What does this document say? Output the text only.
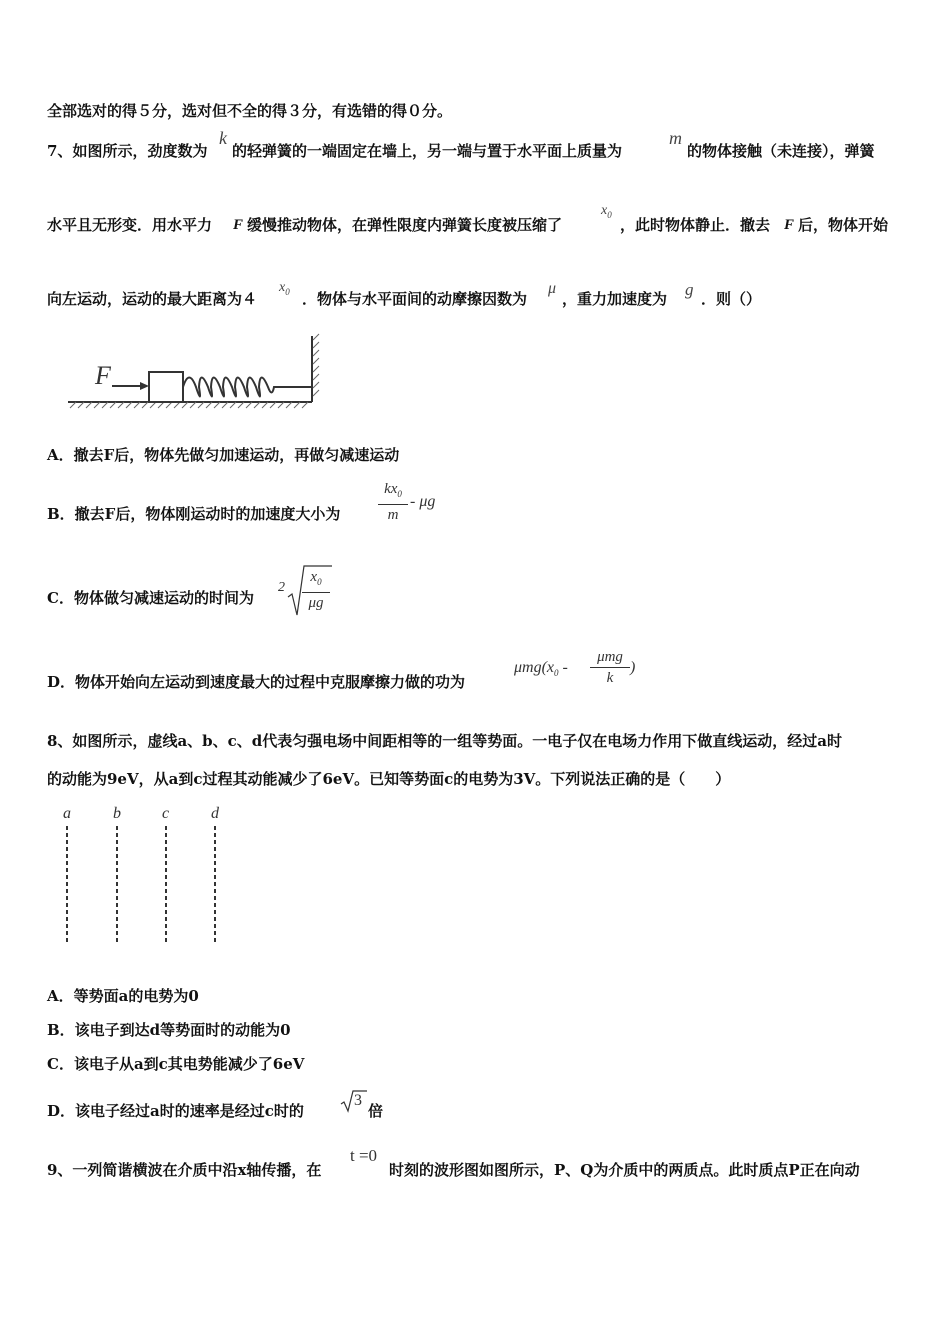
全部选对的得５分，选对但不全的得３分，有选错的得０分。
7、如图所示，劲度数为
k
的轻弹簧的一端固定在墙上，另一端与置于水平面上质量为
m
的物体接触（未连接），弹簧
水平且无形变．用水平力 F 缓慢推动物体，在弹性限度内弹簧长度被压缩了
$x_0$
，此时物体静止．撤去 F 后，物体开始
向左运动，运动的最大距离为４
$x_0$ ．物体与水平面间的动摩擦因数为
μ
，重力加速度为 g ．则（）
F
A．撤去F后，物体先做匀加速运动，再做匀减速运动
B．撤去F后，物体刚运动时的加速度大小为
$kx_0$
m
- μg
C．物体做匀减速运动的时间为
2
$x_0$
μg
D．物体开始向左运动到速度最大的过程中克服摩擦力做的功为
$\mu mg(x_0$ -
μmg
k
)
8、如图所示，虚线a、b、c、d代表匀强电场中间距相等的一组等势面。一电子仅在电场力作用下做直线运动，经过a时
的动能为9eV，从a到c过程其动能减少了6eV。已知等势面c的电势为3V。下列说法正确的是（　　）
a	b	c	d
A．等势面a的电势为0
B．该电子到达d等势面时的动能为0
C．该电子从a到c其电势能减少了6eV
D．该电子经过a时的速率是经过c时的
3
倍
9、一列简谐横波在介质中沿x轴传播，在
t =0
时刻的波形图如图所示，P、Q为介质中的两质点。此时质点P正在向动
